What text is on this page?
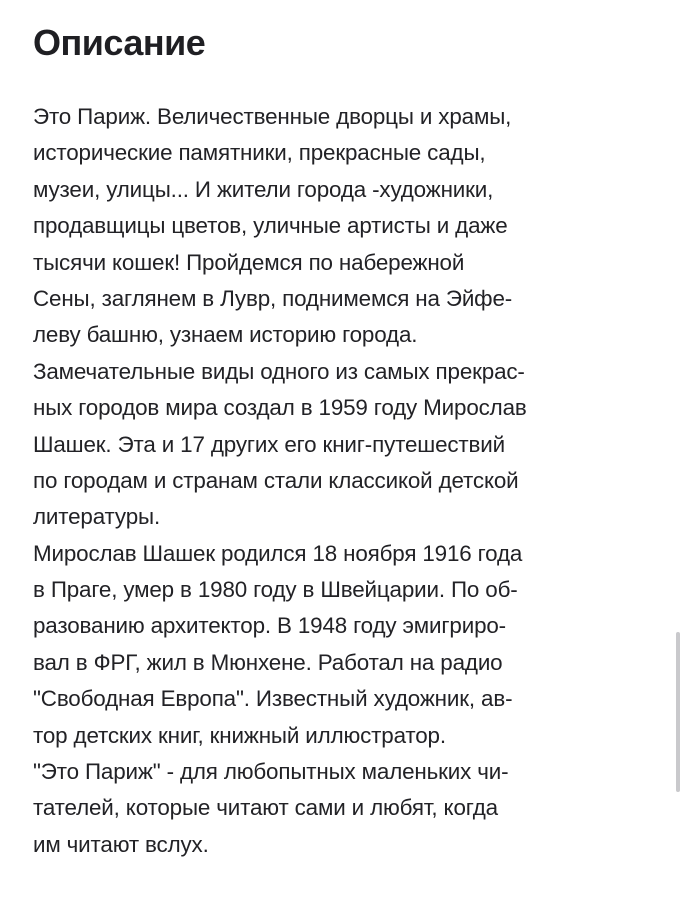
Описание
Это Париж. Величественные дворцы и храмы,
исторические памятники, прекрасные сады,
музеи, улицы... И жители города -художники,
продавщицы цветов, уличные артисты и даже
тысячи кошек! Пройдемся по набережной
Сены, заглянем в Лувр, поднимемся на Эйфе-
леву башню, узнаем историю города.
Замечательные виды одного из самых прекрас-
ных городов мира создал в 1959 году Мирослав
Шашек. Эта и 17 других его книг-путешествий
по городам и странам стали классикой детской
литературы.
Мирослав Шашек родился 18 ноября 1916 года
в Праге, умер в 1980 году в Швейцарии. По об-
разованию архитектор. В 1948 году эмигриро-
вал в ФРГ, жил в Мюнхене. Работал на радио
"Свободная Европа". Известный художник, ав-
тор детских книг, книжный иллюстратор.
"Это Париж" - для любопытных маленьких чи-
тателей, которые читают сами и любят, когда
им читают вслух.
